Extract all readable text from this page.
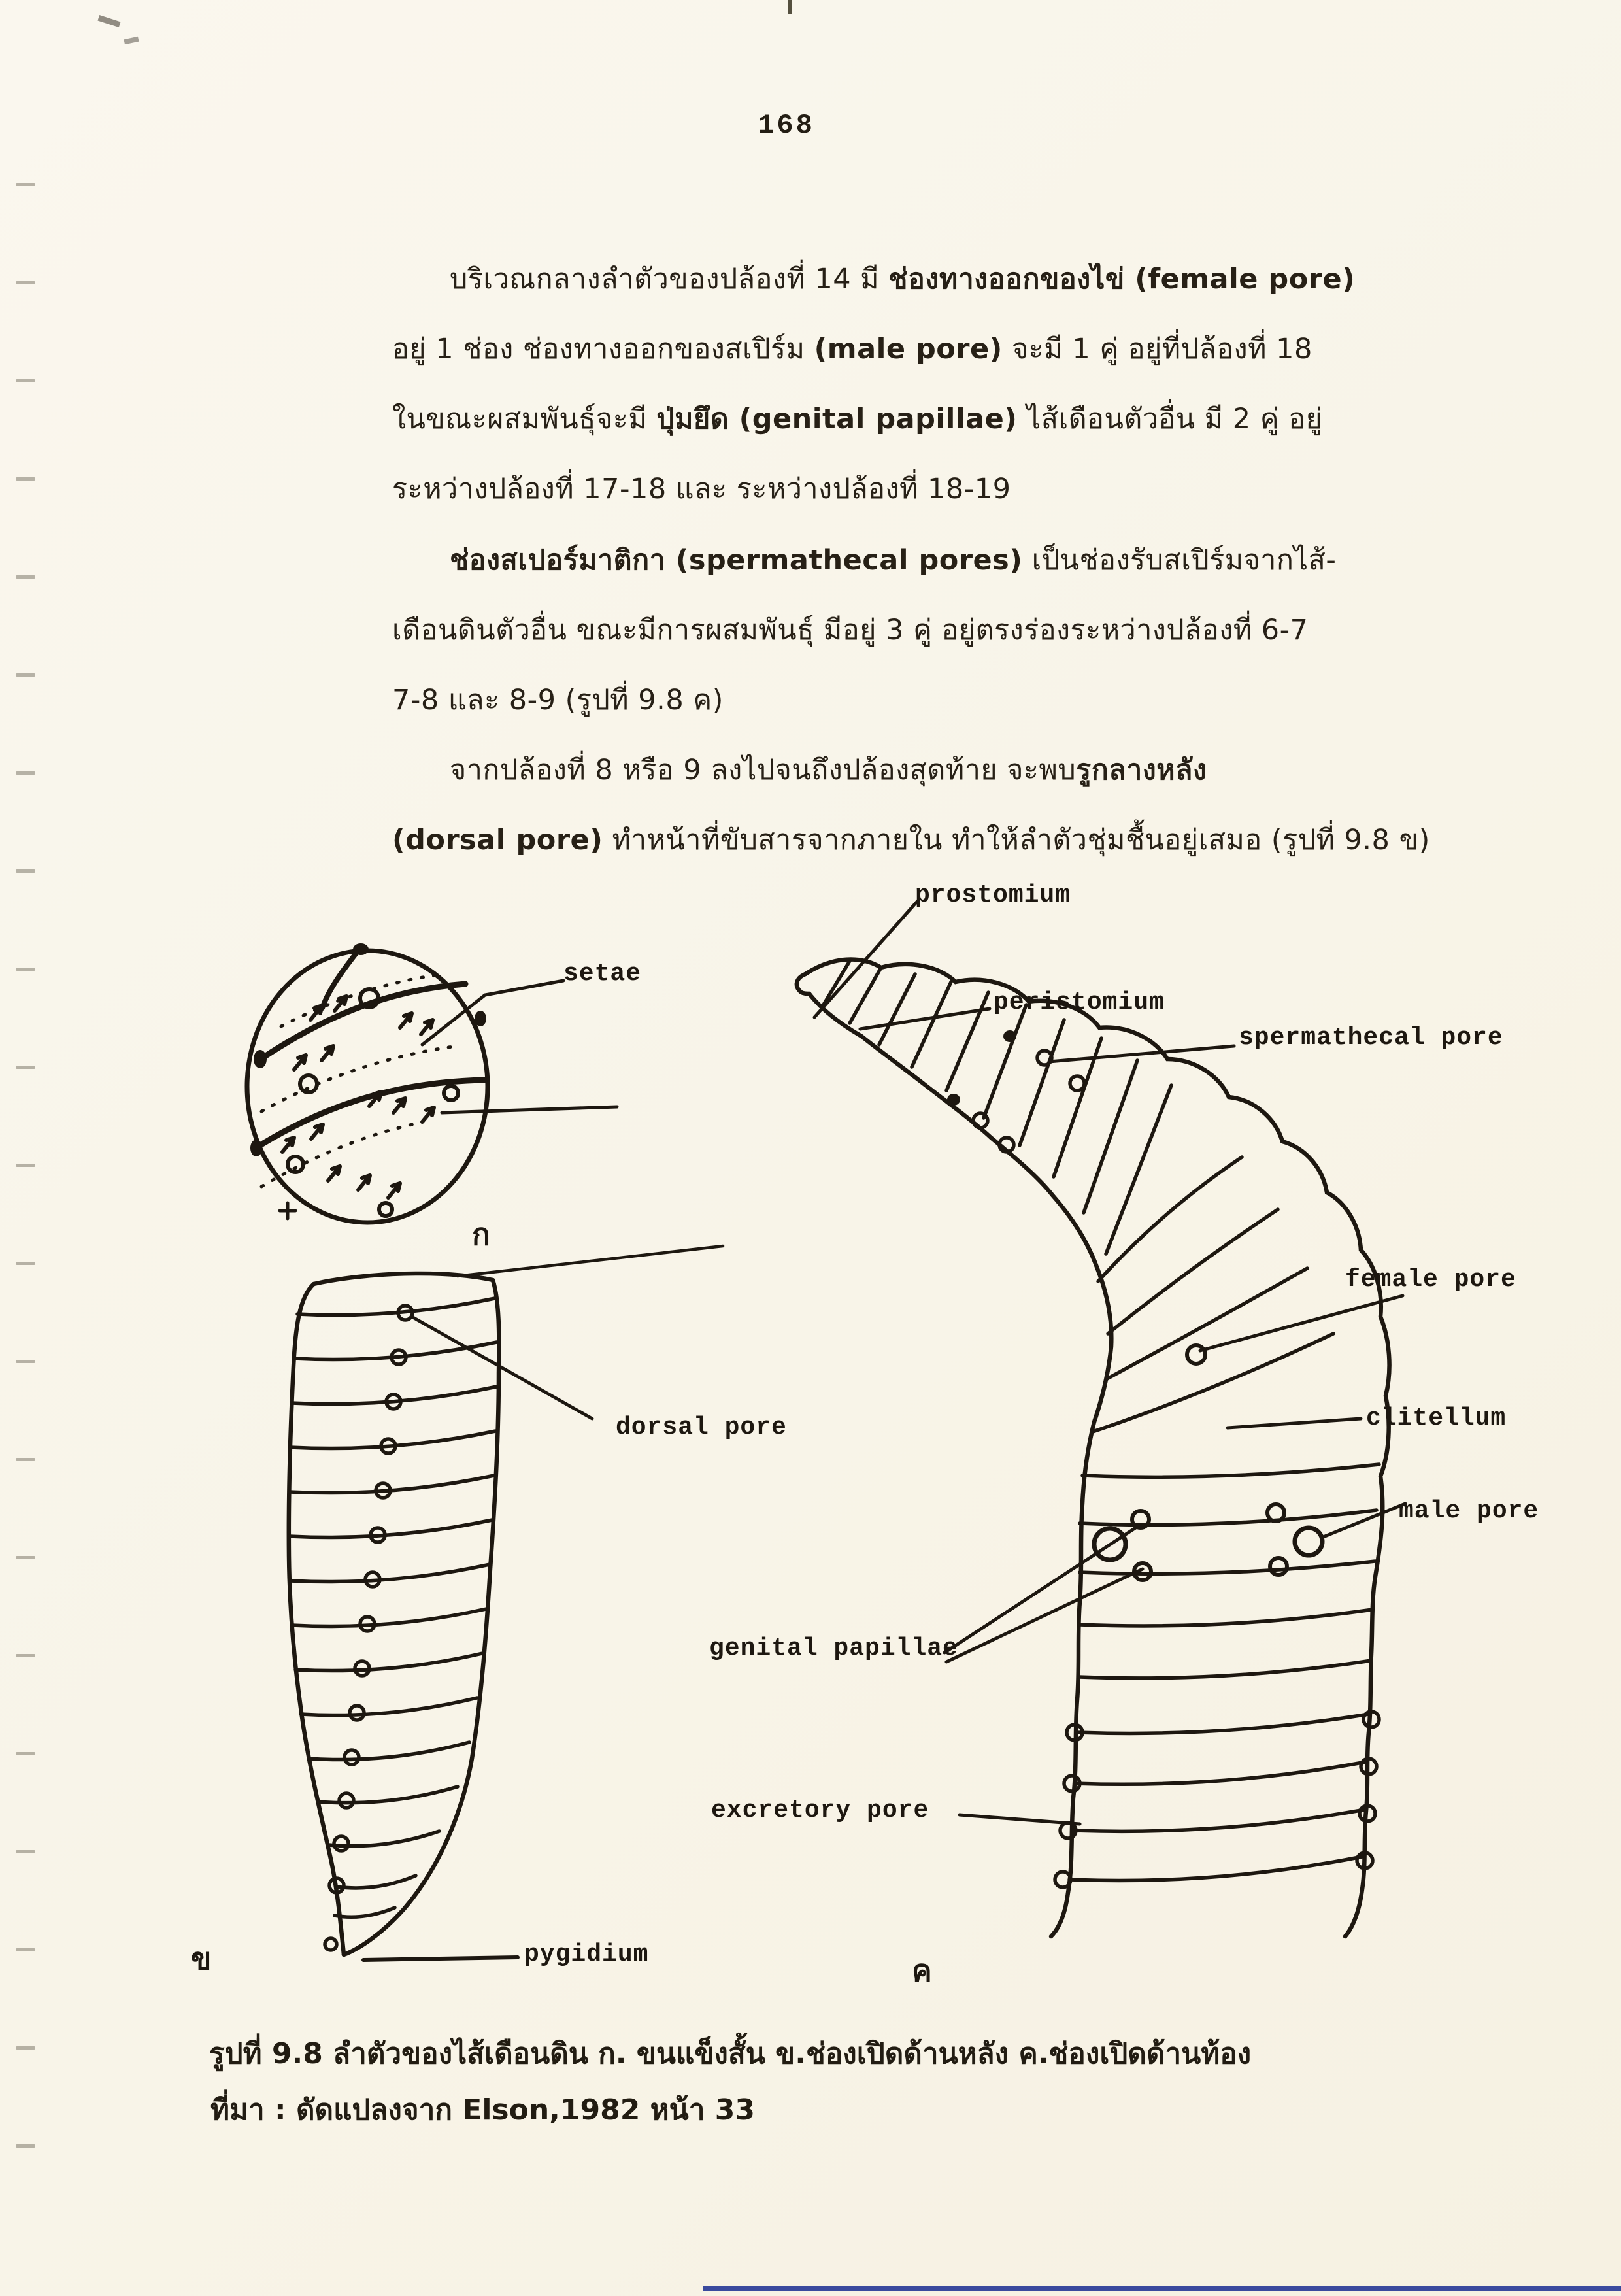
168
บริเวณกลางลำตัวของปล้องที่ 14 มี ช่องทางออกของไข่ (female pore)
อยู่ 1 ช่อง ช่องทางออกของสเปิร์ม (male pore) จะมี 1 คู่ อยู่ที่ปล้องที่ 18
ในขณะผสมพันธุ์จะมี ปุ่มยึด (genital papillae) ไส้เดือนตัวอื่น มี 2 คู่ อยู่
ระหว่างปล้องที่ 17-18 และ ระหว่างปล้องที่ 18-19
ช่องสเปอร์มาติกา (spermathecal pores) เป็นช่องรับสเปิร์มจากไส้-
เดือนดินตัวอื่น ขณะมีการผสมพันธุ์ มีอยู่ 3 คู่ อยู่ตรงร่องระหว่างปล้องที่ 6-7
7-8 และ 8-9 (รูปที่ 9.8 ค)
จากปล้องที่ 8 หรือ 9 ลงไปจนถึงปล้องสุดท้าย จะพบรูกลางหลัง
(dorsal pore) ทำหน้าที่ขับสารจากภายใน ทำให้ลำตัวชุ่มชื้นอยู่เสมอ (รูปที่ 9.8 ข)
setae
prostomium
peristomium
spermathecal pore
female pore
clitellum
male pore
genital papillae
excretory pore
dorsal pore
pygidium
ก
ข	ค
รูปที่ 9.8 ลำตัวของไส้เดือนดิน ก. ขนแข็งสั้น ข.ช่องเปิดด้านหลัง ค.ช่องเปิดด้านท้อง
ที่มา : ดัดแปลงจาก Elson,1982 หน้า 33
